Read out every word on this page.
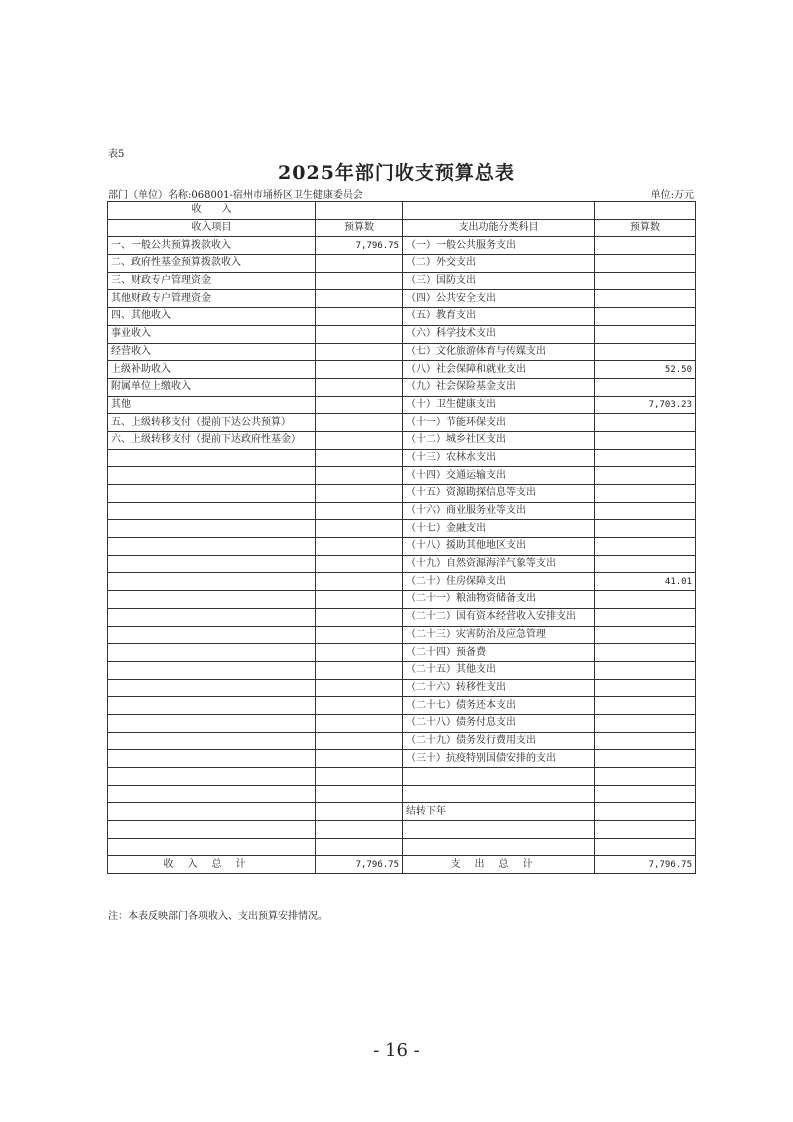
表5
2025年部门收支预算总表
部门（单位）名称:068001-宿州市埇桥区卫生健康委员会	单位:万元
收　　入			
收入项目	预算数	支出功能分类科目	预算数
一、一般公共预算拨款收入	7,796.75	（一）一般公共服务支出	
二、政府性基金预算拨款收入		（二）外交支出	
三、财政专户管理资金		（三）国防支出	
其他财政专户管理资金		（四）公共安全支出	
四、其他收入		（五）教育支出	
事业收入		（六）科学技术支出	
经营收入		（七）文化旅游体育与传媒支出	
上级补助收入		（八）社会保障和就业支出	52.50
附属单位上缴收入		（九）社会保险基金支出	
其他		（十）卫生健康支出	7,703.23
五、上级转移支付（提前下达公共预算）		（十一）节能环保支出	
六、上级转移支付（提前下达政府性基金）		（十二）城乡社区支出	
		（十三）农林水支出	
		（十四）交通运输支出	
		（十五）资源勘探信息等支出	
		（十六）商业服务业等支出	
		（十七）金融支出	
		（十八）援助其他地区支出	
		（十九）自然资源海洋气象等支出	
		（二十）住房保障支出	41.01
		（二十一）粮油物资储备支出	
		（二十二）国有资本经营收入安排支出	
		（二十三）灾害防治及应急管理	
		（二十四）预备费	
		（二十五）其他支出	
		（二十六）转移性支出	
		（二十七）债务还本支出	
		（二十八）债务付息支出	
		（二十九）债务发行费用支出	
		（三十）抗疫特别国债安排的支出	

		结转下年	

收入总计	7,796.75	支出总计	7,796.75
注：本表反映部门各项收入、支出预算安排情况。
- 16 -
